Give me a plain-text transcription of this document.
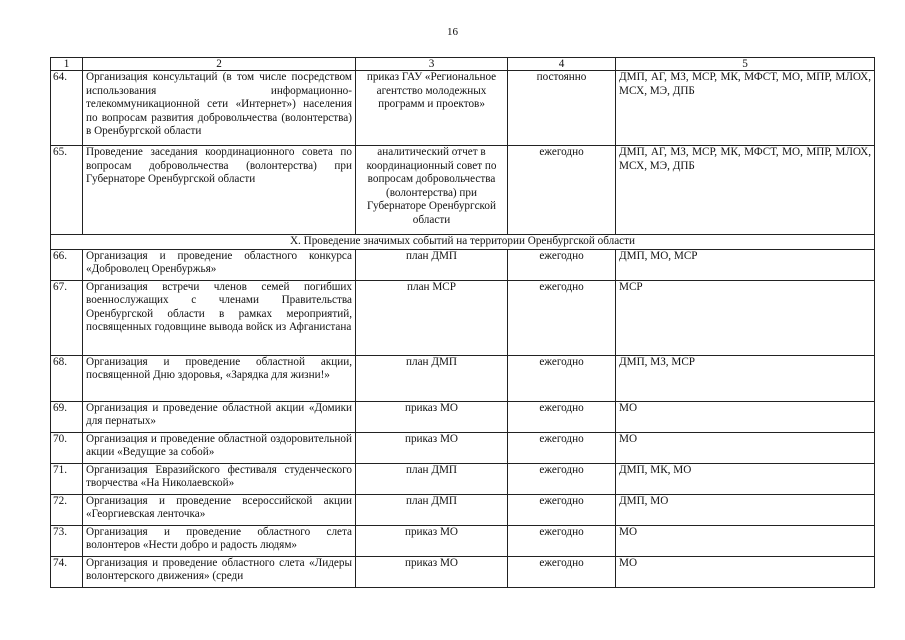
16
1	2	3	4	5
64.	Организация консультаций (в том числе посредством использования информационно-телекоммуникационной сети «Интернет») населения по вопросам развития добровольчества (волонтерства) в Оренбургской области	приказ ГАУ «Региональное агентство молодежных программ и проектов»	постоянно	ДМП, АГ, МЗ, МСР, МК, МФСТ, МО, МПР, МЛОХ, МСХ, МЭ, ДПБ
65.	Проведение заседания координационного совета по вопросам добровольчества (волонтерства) при Губернаторе Оренбургской области	аналитический отчет в координационный совет по вопросам добровольчества (волонтерства) при Губернаторе Оренбургской области	ежегодно	ДМП, АГ, МЗ, МСР, МК, МФСТ, МО, МПР, МЛОХ, МСХ, МЭ, ДПБ
X. Проведение значимых событий на территории Оренбургской области				
66.	Организация и проведение областного конкурса «Доброволец Оренбуржья»	план ДМП	ежегодно	ДМП, МО, МСР
67.	Организация встречи членов семей погибших военнослужащих с членами Правительства Оренбургской области в рамках мероприятий, посвященных годовщине вывода войск из Афганистана	план МСР	ежегодно	МСР
68.	Организация и проведение областной акции, посвященной Дню здоровья, «Зарядка для жизни!»	план ДМП	ежегодно	ДМП, МЗ, МСР
69.	Организация и проведение областной акции «Домики для пернатых»	приказ МО	ежегодно	МО
70.	Организация и проведение областной оздоровительной акции «Ведущие за собой»	приказ МО	ежегодно	МО
71.	Организация Евразийского фестиваля студенческого творчества «На Николаевской»	план ДМП	ежегодно	ДМП, МК, МО
72.	Организация и проведение всероссийской акции «Георгиевская ленточка»	план ДМП	ежегодно	ДМП, МО
73.	Организация и проведение областного слета волонтеров «Нести добро и радость людям»	приказ МО	ежегодно	МО
74.	Организация и проведение областного слета «Лидеры волонтерского движения» (среди	приказ МО	ежегодно	МО
